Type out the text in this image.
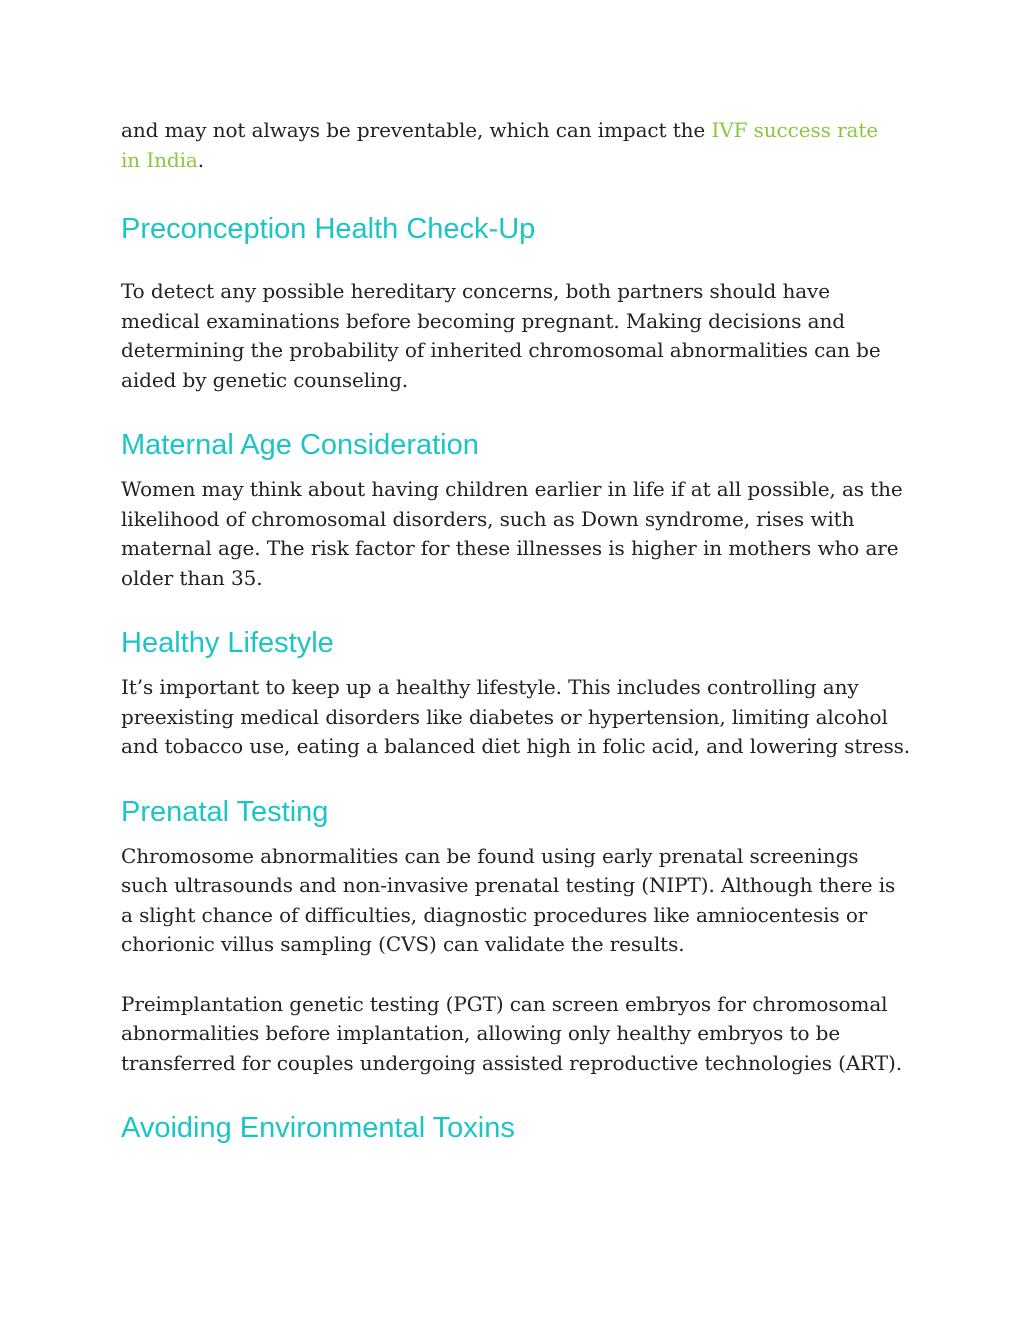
and may not always be preventable, which can impact the IVF success rate in India.

Preconception Health Check-Up

To detect any possible hereditary concerns, both partners should have medical examinations before becoming pregnant. Making decisions and determining the probability of inherited chromosomal abnormalities can be aided by genetic counseling.

Maternal Age Consideration

Women may think about having children earlier in life if at all possible, as the likelihood of chromosomal disorders, such as Down syndrome, rises with maternal age. The risk factor for these illnesses is higher in mothers who are older than 35.

Healthy Lifestyle

It’s important to keep up a healthy lifestyle. This includes controlling any preexisting medical disorders like diabetes or hypertension, limiting alcohol and tobacco use, eating a balanced diet high in folic acid, and lowering stress.

Prenatal Testing

Chromosome abnormalities can be found using early prenatal screenings such ultrasounds and non-invasive prenatal testing (NIPT). Although there is a slight chance of difficulties, diagnostic procedures like amniocentesis or chorionic villus sampling (CVS) can validate the results.

Preimplantation genetic testing (PGT) can screen embryos for chromosomal abnormalities before implantation, allowing only healthy embryos to be transferred for couples undergoing assisted reproductive technologies (ART).

Avoiding Environmental Toxins
